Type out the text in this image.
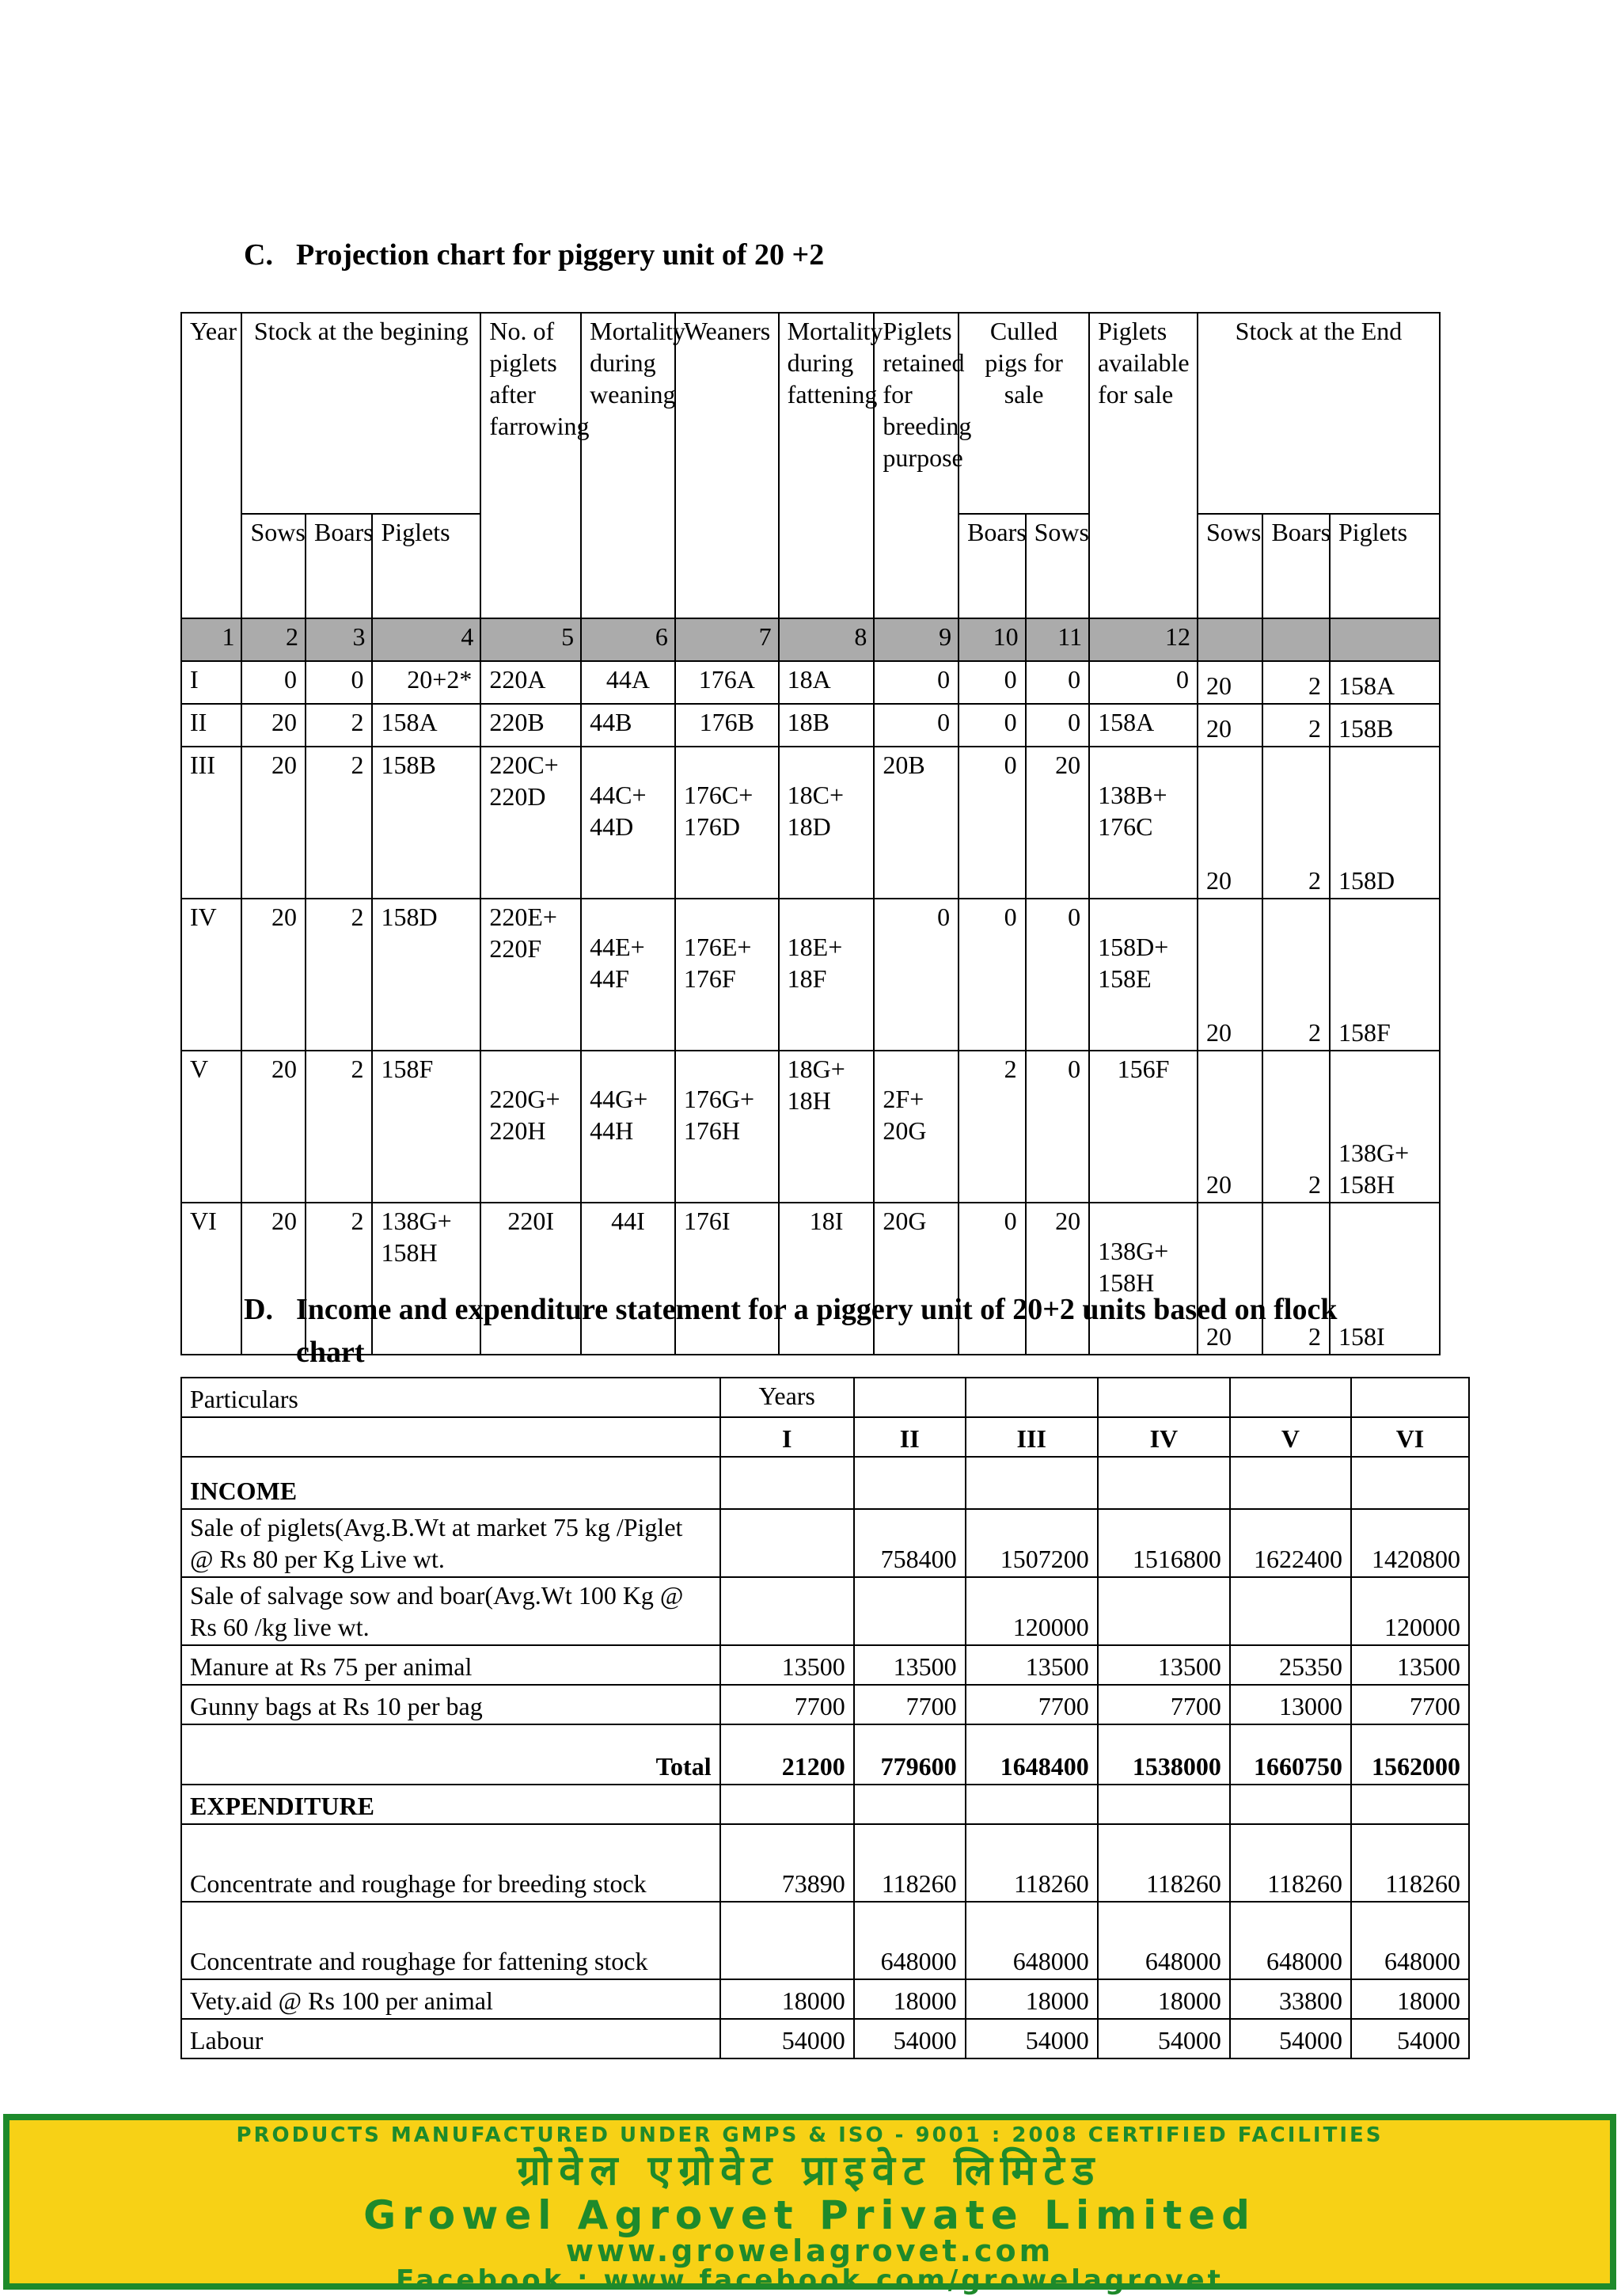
C. Projection chart for piggery unit of 20 +2
Year	Stock at the begining			No. of piglets after farrowing	Mortality during weaning	Weaners	Mortality during fattening	Piglets retained for breeding purpose	Culled pigs for sale		Piglets available for sale	Stock at the End		
	Sows	Boars	Piglets						Boars	Sows		Sows	Boars	Piglets
1	2	3	4	5	6	7	8	9	10	11	12			
I	0	0	20+2*	220A	44A	176A	18A	0	0	0	0	20	2	158A
II	20	2	158A	220B	44B	176B	18B	0	0	0	158A	20	2	158B
III	20	2	158B	220C+ 220D	44C+ 44D	176C+ 176D	18C+ 18D	20B	0	20	138B+ 176C	20	2	158D
IV	20	2	158D	220E+ 220F	44E+ 44F	176E+ 176F	18E+ 18F	0	0	0	158D+ 158E	20	2	158F
V	20	2	158F	220G+ 220H	44G+ 44H	176G+ 176H	18G+ 18H	2F+ 20G	2	0	156F	20	2	138G+ 158H
VI	20	2	138G+ 158H	220I	44I	176I	18I	20G	0	20	138G+ 158H	20	2	158I
D. Income and expenditure statement for a piggery unit of 20+2 units based on flock chart
Particulars	Years					
	I	II	III	IV	V	VI
INCOME						
Sale of piglets(Avg.B.Wt at market 75 kg /Piglet @ Rs 80 per Kg Live wt.		758400	1507200	1516800	1622400	1420800
Sale of salvage sow and boar(Avg.Wt 100 Kg @ Rs 60 /kg live wt.			120000			120000
Manure at Rs 75 per animal	13500	13500	13500	13500	25350	13500
Gunny bags at Rs 10 per bag	7700	7700	7700	7700	13000	7700
Total	21200	779600	1648400	1538000	1660750	1562000
EXPENDITURE						
Concentrate and roughage for breeding stock	73890	118260	118260	118260	118260	118260
Concentrate and roughage for fattening stock		648000	648000	648000	648000	648000
Vety.aid @ Rs 100 per animal	18000	18000	18000	18000	33800	18000
Labour	54000	54000	54000	54000	54000	54000
PRODUCTS MANUFACTURED UNDER GMPS & ISO - 9001 : 2008 CERTIFIED FACILITIES
ग्रोवेल एग्रोवेट प्राइवेट लिमिटेड
Growel Agrovet Private Limited
www.growelagrovet.com
Facebook : www.facebook.com/growelagrovet
